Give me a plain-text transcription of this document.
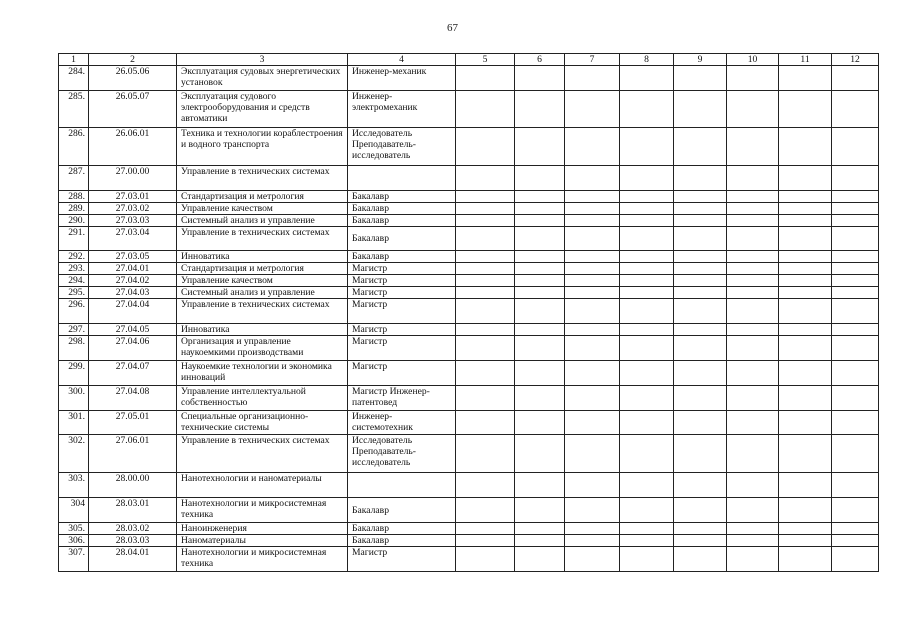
67
1	2	3	4	5	6	7	8	9	10	11	12
284.	26.05.06	Эксплуатация судовых энергетических установок	Инженер-механик								
285.	26.05.07	Эксплуатация судового электрооборудования и средств автоматики	Инженер-электромеханик								
286.	26.06.01	Техника и технологии кораблестроения и водного транспорта	Исследователь Преподаватель-исследователь								
287.	27.00.00	Управление в технических системах									
288.	27.03.01	Стандартизация и метрология	Бакалавр								
289.	27.03.02	Управление качеством	Бакалавр								
290.	27.03.03	Системный анализ и управление	Бакалавр								
291.	27.03.04	Управление в технических системах	Бакалавр								
292.	27.03.05	Инноватика	Бакалавр								
293.	27.04.01	Стандартизация и метрология	Магистр								
294.	27.04.02	Управление качеством	Магистр								
295.	27.04.03	Системный анализ и управление	Магистр								
296.	27.04.04	Управление в технических системах	Магистр								
297.	27.04.05	Инноватика	Магистр								
298.	27.04.06	Организация и управление наукоемкими производствами	Магистр								
299.	27.04.07	Наукоемкие технологии и экономика инноваций	Магистр								
300.	27.04.08	Управление интеллектуальной собственностью	Магистр Инженер-патентовед								
301.	27.05.01	Специальные организационно-технические системы	Инженер-системотехник								
302.	27.06.01	Управление в технических системах	Исследователь Преподаватель-исследователь								
303.	28.00.00	Нанотехнологии и наноматериалы									
304	28.03.01	Нанотехнологии и микросистемная техника	Бакалавр								
305.	28.03.02	Наноинженерия	Бакалавр								
306.	28.03.03	Наноматериалы	Бакалавр								
307.	28.04.01	Нанотехнологии и микросистемная техника	Магистр								
